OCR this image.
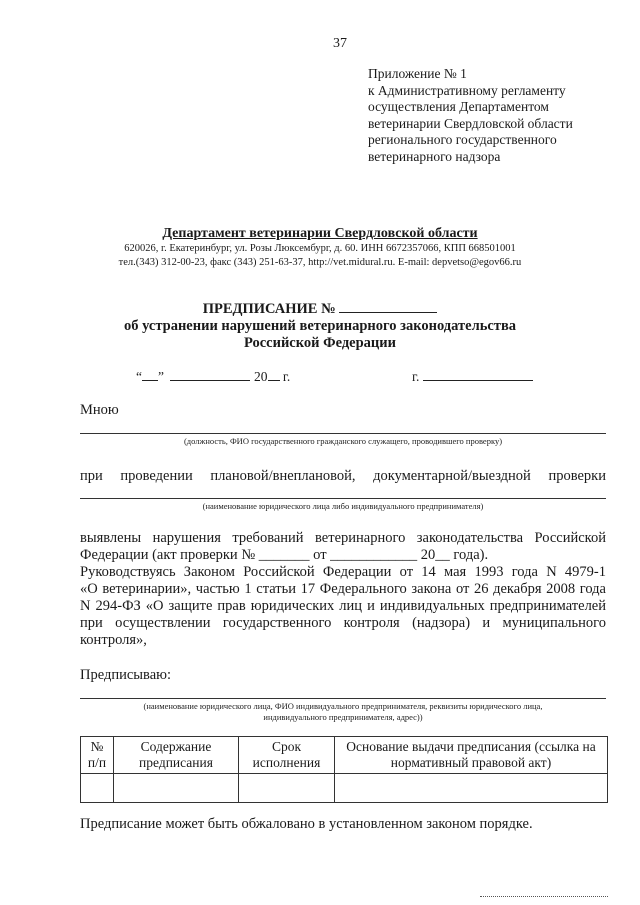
37
Приложение № 1
к Административному регламенту
осуществления Департаментом
ветеринарии Свердловской области
регионального государственного
ветеринарного надзора
Департамент ветеринарии Свердловской области
620026, г. Екатеринбург, ул. Розы Люксембург, д. 60. ИНН 6672357066, КПП 668501001
тел.(343) 312-00-23, факс (343) 251-63-37, http://vet.midural.ru. E-mail: depvetso@egov66.ru
ПРЕДПИСАНИЕ №
об устранении нарушений ветеринарного законодательства
Российской Федерации
“ ”	20 г.	г.
Мною
(должность, ФИО государственного гражданского служащего, проводившего проверку)
при проведении плановой/внеплановой, документарной/выездной проверки
(наименование юридического лица либо индивидуального предпринимателя)
выявлены нарушения требований ветеринарного законодательства Российской
Федерации (акт проверки № _______ от ____________ 20__ года).
Руководствуясь Законом Российской Федерации от 14 мая 1993 года N 4979-1
«О ветеринарии», частью 1 статьи 17 Федерального закона от 26 декабря 2008 года
N 294-ФЗ «О защите прав юридических лиц и индивидуальных предпринимателей
при осуществлении государственного контроля (надзора) и муниципального
контроля»,
Предписываю:
(наименование юридического лица, ФИО индивидуального предпринимателя, реквизиты юридического лица,
индивидуального предпринимателя, адрес))
№ п/п	Содержание предписания	Срок исполнения	Основание выдачи предписания (ссылка на нормативный правовой акт)

Предписание может быть обжаловано в установленном законом порядке.
